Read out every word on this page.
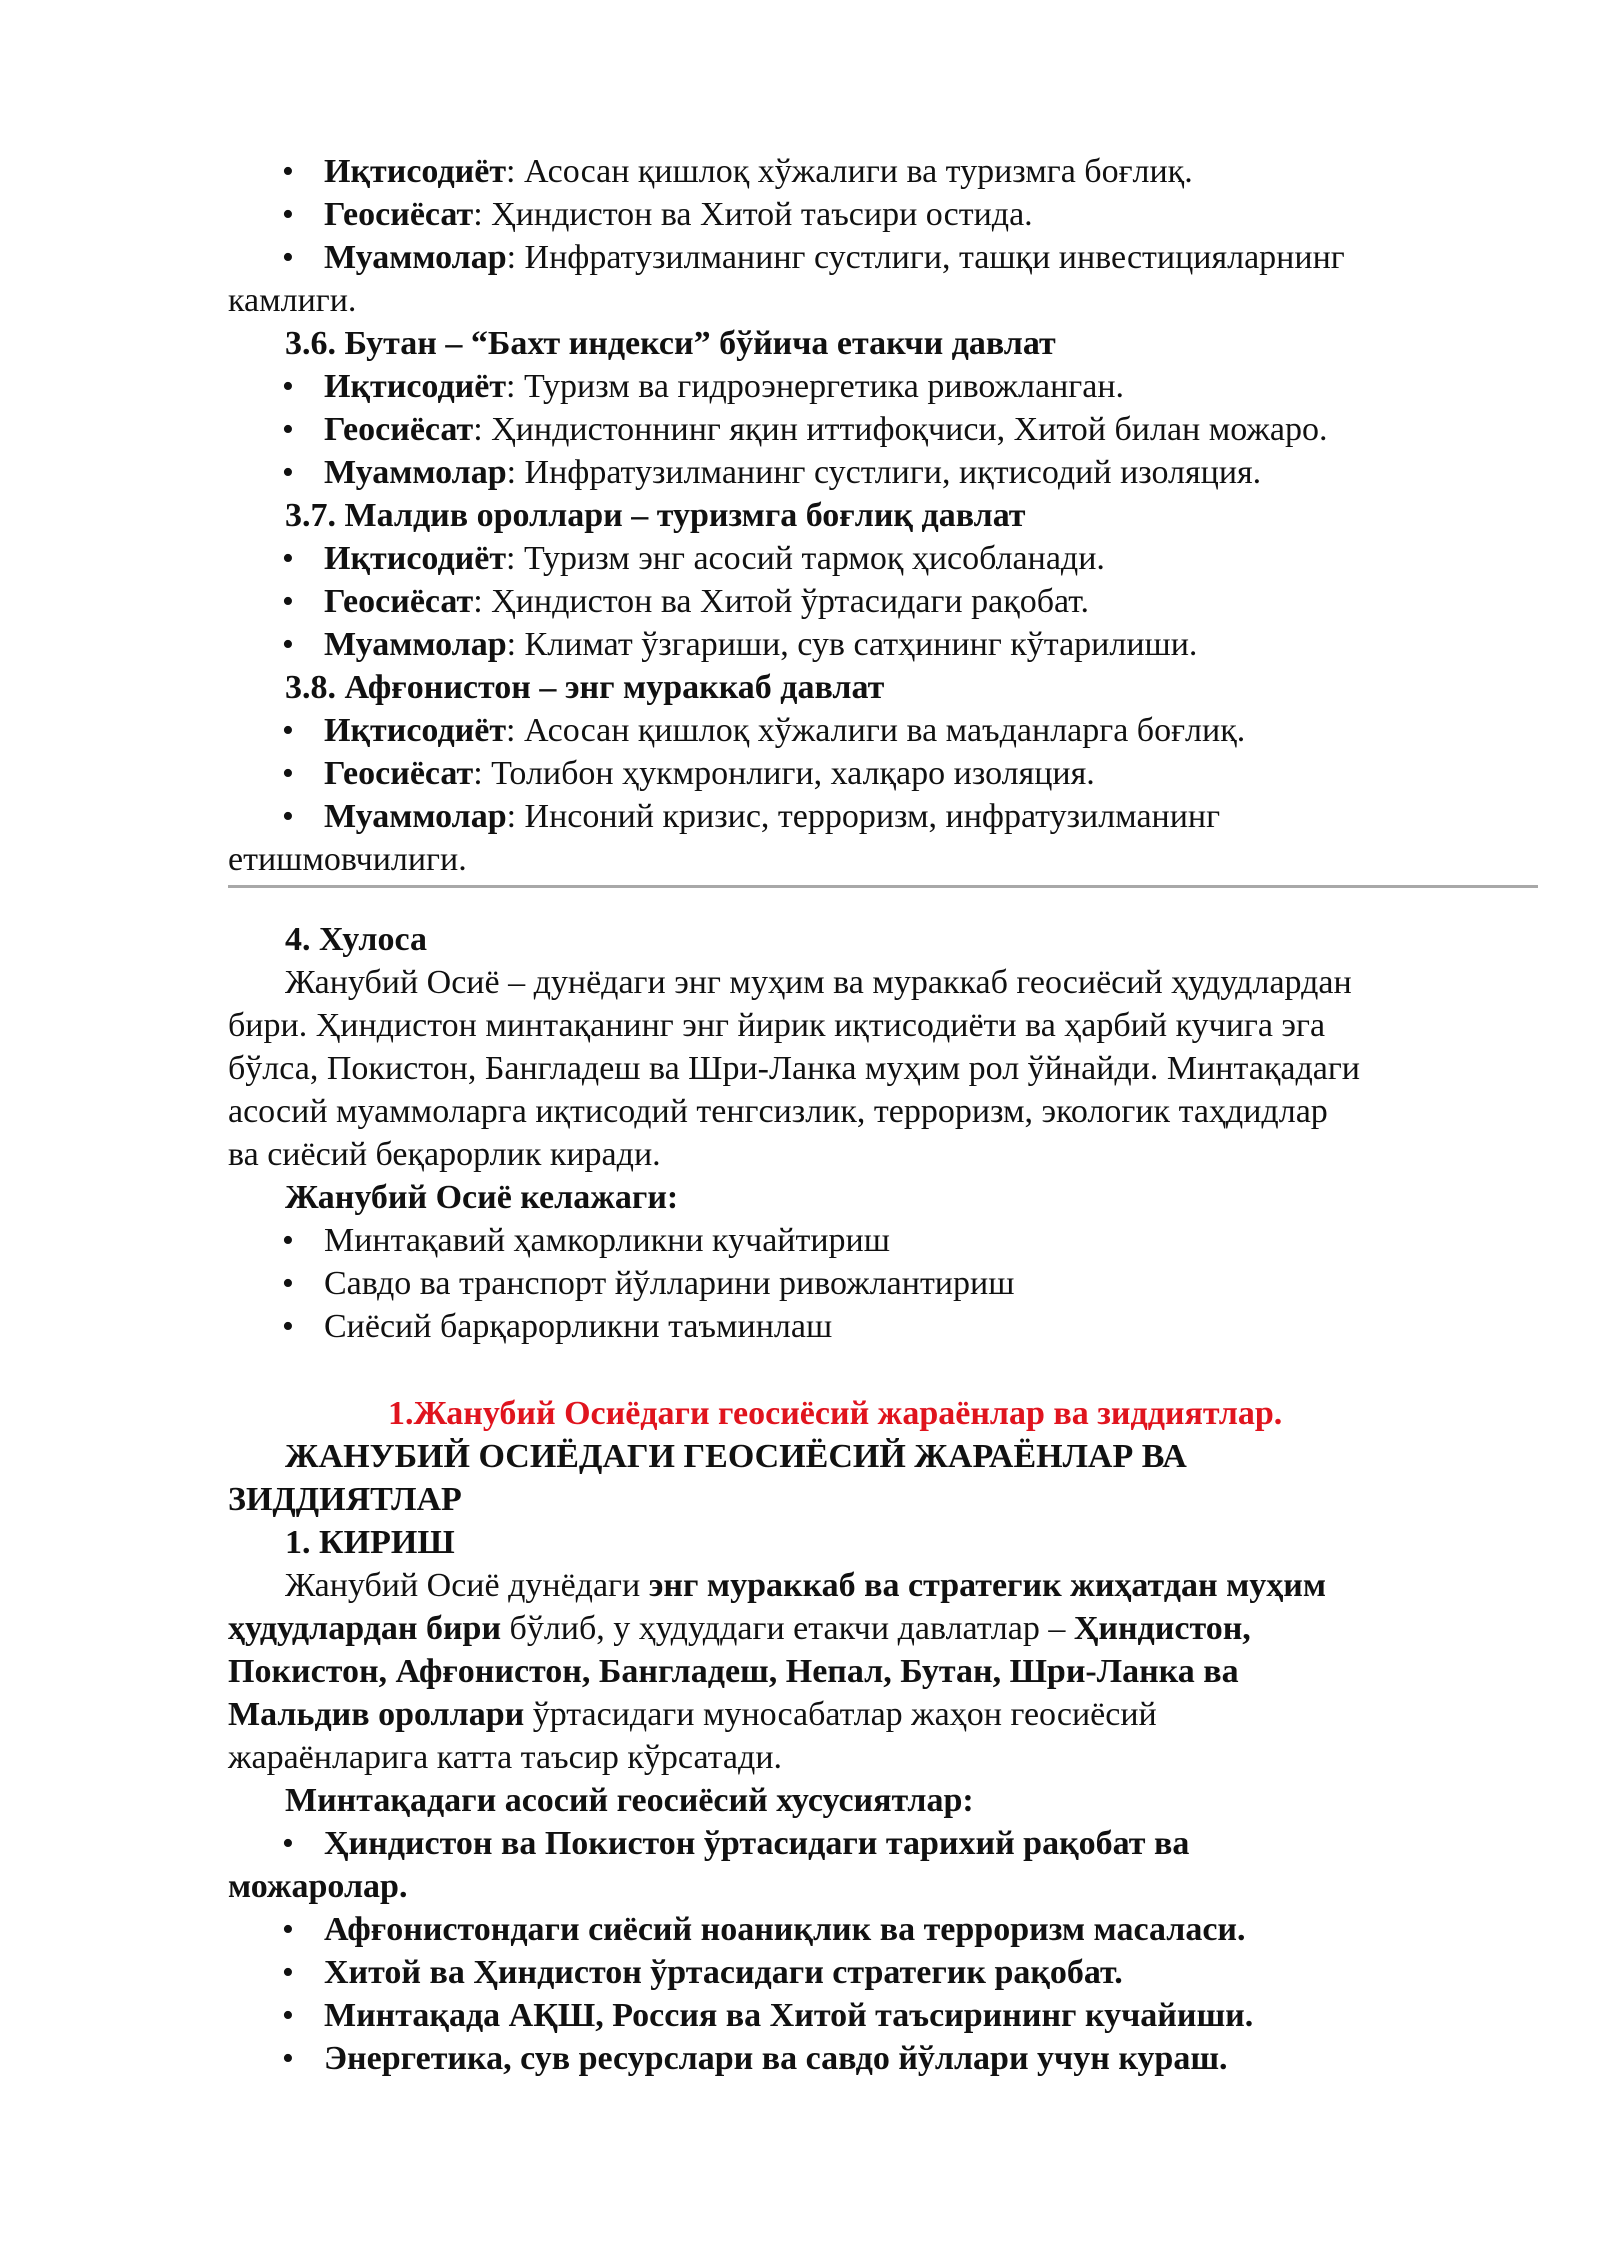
• Иқтисодиёт: Асосан қишлоқ хўжалиги ва туризмга боғлиқ.
• Геосиёсат: Ҳиндистон ва Хитой таъсири остида.
• Муаммолар: Инфратузилманинг сустлиги, ташқи инвестицияларнинг
камлиги.
3.6. Бутан – “Бахт индекси” бўйича етакчи давлат
• Иқтисодиёт: Туризм ва гидроэнергетика ривожланган.
• Геосиёсат: Ҳиндистоннинг яқин иттифоқчиси, Хитой билан можаро.
• Муаммолар: Инфратузилманинг сустлиги, иқтисодий изоляция.
3.7. Малдив ороллари – туризмга боғлиқ давлат
• Иқтисодиёт: Туризм энг асосий тармоқ ҳисобланади.
• Геосиёсат: Ҳиндистон ва Хитой ўртасидаги рақобат.
• Муаммолар: Климат ўзгариши, сув сатҳининг кўтарилиши.
3.8. Афғонистон – энг мураккаб давлат
• Иқтисодиёт: Асосан қишлоқ хўжалиги ва маъданларга боғлиқ.
• Геосиёсат: Толибон ҳукмронлиги, халқаро изоляция.
• Муаммолар: Инсоний кризис, терроризм, инфратузилманинг
етишмовчилиги.
4. Хулоса
Жанубий Осиё – дунёдаги энг муҳим ва мураккаб геосиёсий ҳудудлардан
бири. Ҳиндистон минтақанинг энг йирик иқтисодиёти ва ҳарбий кучига эга
бўлса, Покистон, Бангладеш ва Шри-Ланка муҳим рол ўйнайди. Минтақадаги
асосий муаммоларга иқтисодий тенгсизлик, терроризм, экологик таҳдидлар
ва сиёсий беқарорлик киради.
Жанубий Осиё келажаги:
• Минтақавий ҳамкорликни кучайтириш
• Савдо ва транспорт йўлларини ривожлантириш
• Сиёсий барқарорликни таъминлаш
1.Жанубий Осиёдаги геосиёсий жараёнлар ва зиддиятлар.
ЖАНУБИЙ ОСИЁДАГИ ГЕОСИЁСИЙ ЖАРАЁНЛАР ВА
ЗИДДИЯТЛАР
1. КИРИШ
Жанубий Осиё дунёдаги энг мураккаб ва стратегик жиҳатдан муҳим
ҳудудлардан бири бўлиб, у ҳудуддаги етакчи давлатлар – Ҳиндистон,
Покистон, Афғонистон, Бангладеш, Непал, Бутан, Шри-Ланка ва
Мальдив ороллари ўртасидаги муносабатлар жаҳон геосиёсий
жараёнларига катта таъсир кўрсатади.
Минтақадаги асосий геосиёсий хусусиятлар:
• Ҳиндистон ва Покистон ўртасидаги тарихий рақобат ва
можаролар.
• Афғонистондаги сиёсий ноаниқлик ва терроризм масаласи.
• Хитой ва Ҳиндистон ўртасидаги стратегик рақобат.
• Минтақада АҚШ, Россия ва Хитой таъсирининг кучайиши.
• Энергетика, сув ресурслари ва савдо йўллари учун кураш.
